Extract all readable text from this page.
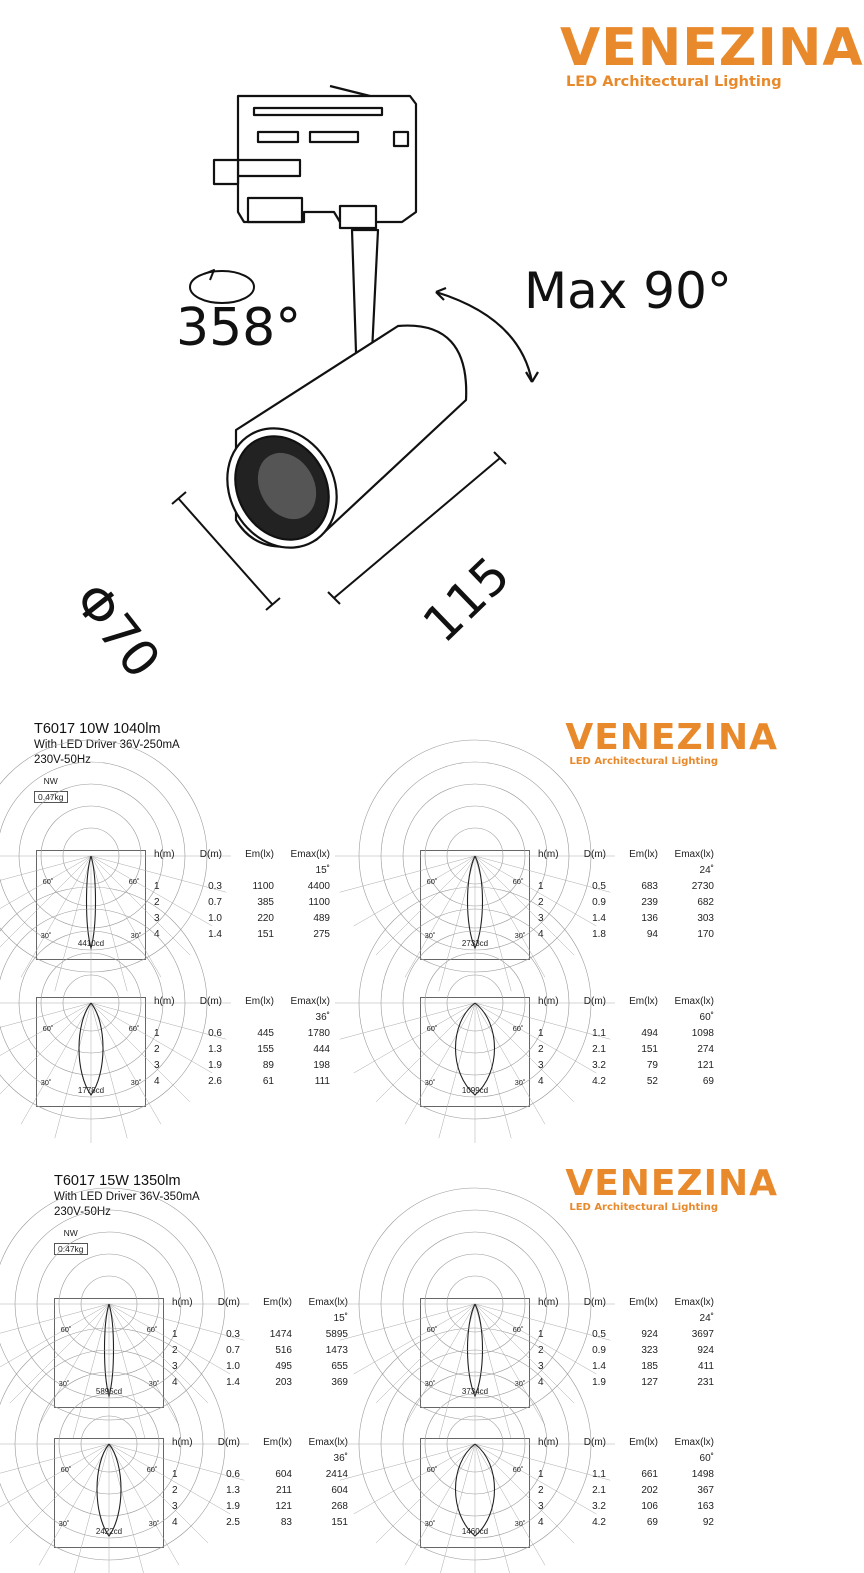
VENEZINA
LED Architectural Lighting
358°
Max 90°
Φ70	115
T6017 10W 1040lm
With LED Driver 36V-250mA
230V-50Hz
NW
0.47kg
VENEZINA
LED Architectural Lighting
T6017 15W 1350lm
With LED Driver 36V-350mA
230V-50Hz
NW
0.47kg
VENEZINA
LED Architectural Lighting
60˚	60˚
30˚	30˚
4410cd
h(m)	D(m)	Em(lx)	Emax(lx)
			15˚
1	0.3	1100	4400
2	0.7	385	1100
3	1.0	220	489
4	1.4	151	275
60˚	60˚
30˚	30˚
2733cd
h(m)	D(m)	Em(lx)	Emax(lx)
			24˚
1	0.5	683	2730
2	0.9	239	682
3	1.4	136	303
4	1.8	94	170
60˚	60˚
30˚	30˚
1778cd
h(m)	D(m)	Em(lx)	Emax(lx)
			36˚
1	0.6	445	1780
2	1.3	155	444
3	1.9	89	198
4	2.6	61	111
60˚	60˚
30˚	30˚
1099cd
h(m)	D(m)	Em(lx)	Emax(lx)
			60˚
1	1.1	494	1098
2	2.1	151	274
3	3.2	79	121
4	4.2	52	69
60˚	60˚
30˚	30˚
5895cd
h(m)	D(m)	Em(lx)	Emax(lx)
			15˚
1	0.3	1474	5895
2	0.7	516	1473
3	1.0	495	655
4	1.4	203	369
60˚	60˚
30˚	30˚
3734cd
h(m)	D(m)	Em(lx)	Emax(lx)
			24˚
1	0.5	924	3697
2	0.9	323	924
3	1.4	185	411
4	1.9	127	231
60˚	60˚
30˚	30˚
2422cd
h(m)	D(m)	Em(lx)	Emax(lx)
			36˚
1	0.6	604	2414
2	1.3	211	604
3	1.9	121	268
4	2.5	83	151
60˚	60˚
30˚	30˚
1460cd
h(m)	D(m)	Em(lx)	Emax(lx)
			60˚
1	1.1	661	1498
2	2.1	202	367
3	3.2	106	163
4	4.2	69	92
